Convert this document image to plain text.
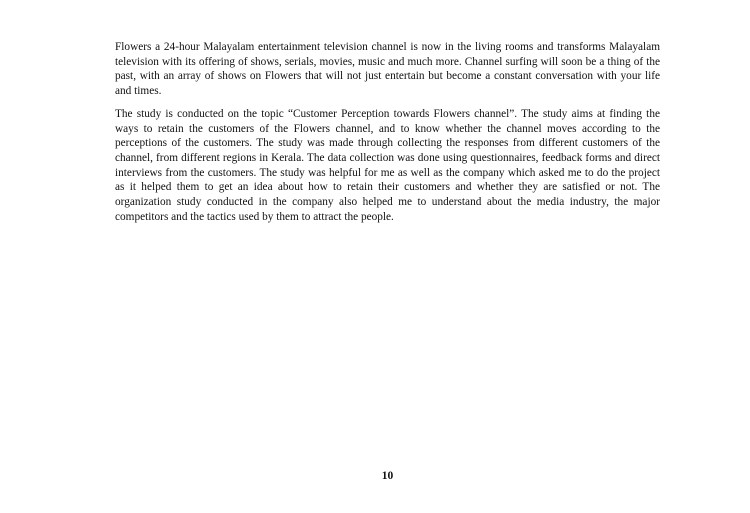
Flowers a 24-hour Malayalam entertainment television channel is now in the living rooms and transforms Malayalam television with its offering of shows, serials, movies, music and much more. Channel surfing will soon be a thing of the past, with an array of shows on Flowers that will not just entertain but become a constant conversation with your life and times.

The study is conducted on the topic “Customer Perception towards Flowers channel”. The study aims at finding the ways to retain the customers of the Flowers channel, and to know whether the channel moves according to the perceptions of the customers. The study was made through collecting the responses from different customers of the channel, from different regions in Kerala. The data collection was done using questionnaires, feedback forms and direct interviews from the customers. The study was helpful for me as well as the company which asked me to do the project as it helped them to get an idea about how to retain their customers and whether they are satisfied or not. The organization study conducted in the company also helped me to understand about the media industry, the major competitors and the tactics used by them to attract the people.

10
